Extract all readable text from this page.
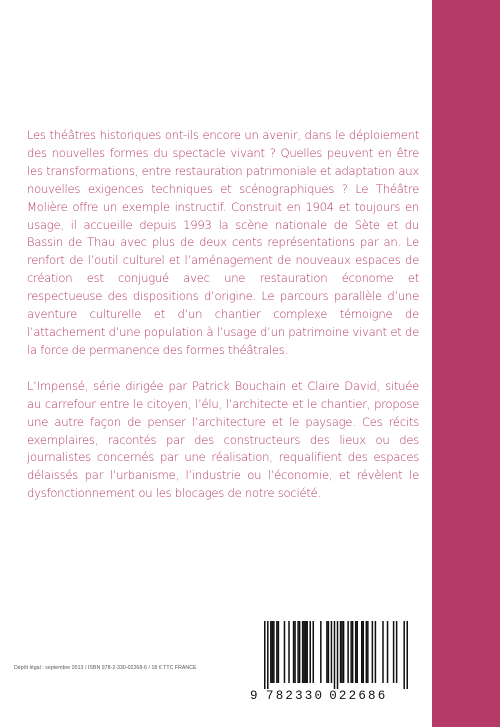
Les théâtres historiques ont-ils encore un avenir, dans le déploiement des nouvelles formes du spectacle vivant ? Quelles peuvent en être les transformations, entre restauration patrimoniale et adaptation aux nouvelles exigences techniques et scénographiques ? Le Théâtre Molière offre un exemple instructif. Construit en 1904 et toujours en usage, il accueille depuis 1993 la scène nationale de Sète et du Bassin de Thau avec plus de deux cents représentations par an. Le renfort de l’outil culturel et l’aménagement de nouveaux espaces de création est conjugué avec une restauration économe et respectueuse des dispositions d’origine. Le parcours parallèle d’une aventure culturelle et d’un chantier complexe témoigne de l’attachement d’une population à l’usage d’un patrimoine vivant et de la force de permanence des formes théâtrales.

L’Impensé, série dirigée par Patrick Bouchain et Claire David, située au carrefour entre le citoyen, l’élu, l’architecte et le chantier, propose une autre façon de penser l’architecture et le paysage. Ces récits exemplaires, racontés par des constructeurs des lieux ou des journalistes concernés par une réalisation, requalifient des espaces délaissés par l’urbanisme, l’industrie ou l’économie, et révèlent le dysfonctionnement ou les blocages de notre société.

Dépôt légal : septembre 2013 / ISBN 978-2-330-02268-6 / 18 € TTC FRANCE
9 782330 022686
